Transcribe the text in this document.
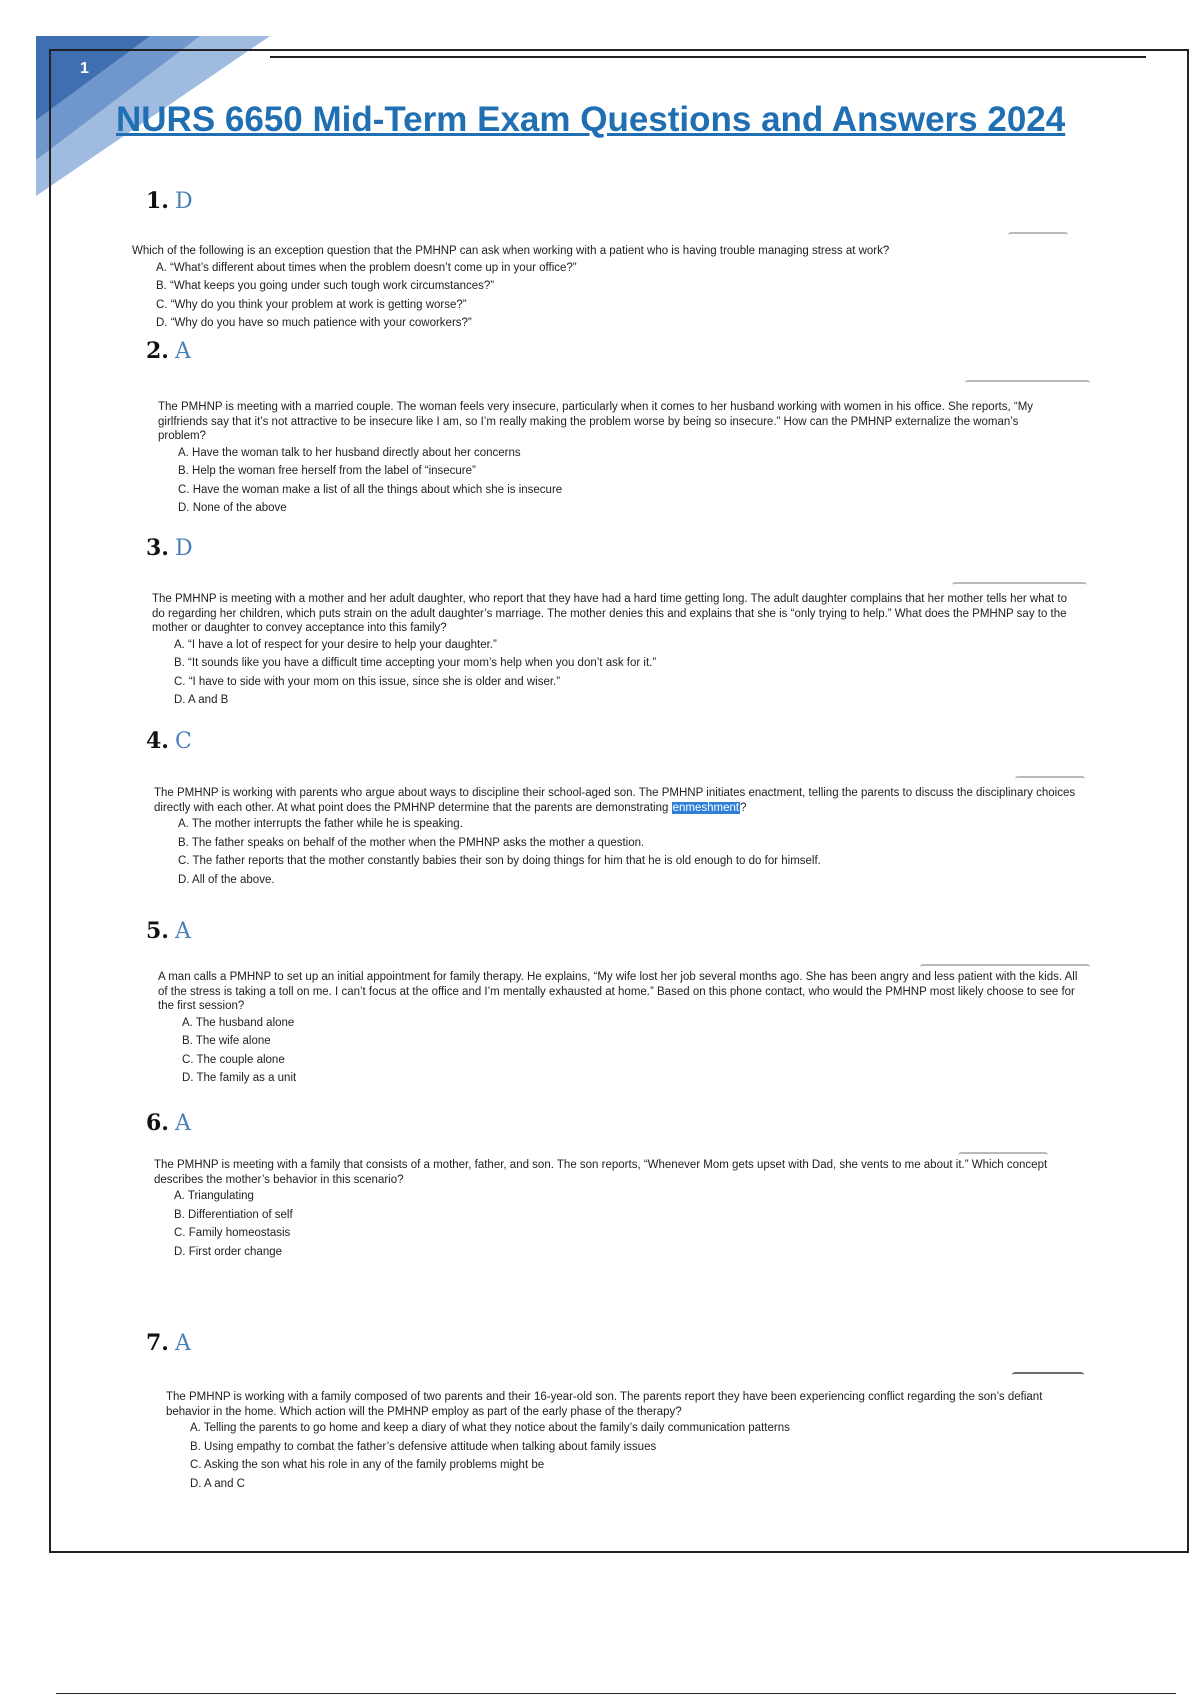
1
NURS 6650 Mid-Term Exam Questions and Answers 2024
1. D

Which of the following is an exception question that the PMHNP can ask when working with a patient who is having trouble managing stress at work?

A. “What’s different about times when the problem doesn’t come up in your office?”
B. “What keeps you going under such tough work circumstances?”
C. “Why do you think your problem at work is getting worse?”
D. “Why do you have so much patience with your coworkers?”
2. A

The PMHNP is meeting with a married couple. The woman feels very insecure, particularly when it comes to her husband working with women in his office. She reports, “My girlfriends say that it’s not attractive to be insecure like I am, so I’m really making the problem worse by being so insecure.” How can the PMHNP externalize the woman’s problem?

A. Have the woman talk to her husband directly about her concerns
B. Help the woman free herself from the label of “insecure”
C. Have the woman make a list of all the things about which she is insecure
D. None of the above
3. D

The PMHNP is meeting with a mother and her adult daughter, who report that they have had a hard time getting long. The adult daughter complains that her mother tells her what to do regarding her children, which puts strain on the adult daughter’s marriage. The mother denies this and explains that she is “only trying to help.” What does the PMHNP say to the mother or daughter to convey acceptance into this family?

A. “I have a lot of respect for your desire to help your daughter.”
B. “It sounds like you have a difficult time accepting your mom’s help when you don’t ask for it.”
C. “I have to side with your mom on this issue, since she is older and wiser.”
D. A and B
4. C

The PMHNP is working with parents who argue about ways to discipline their school-aged son. The PMHNP initiates enactment, telling the parents to discuss the disciplinary choices directly with each other. At what point does the PMHNP determine that the parents are demonstrating enmeshment?

A. The mother interrupts the father while he is speaking.
B. The father speaks on behalf of the mother when the PMHNP asks the mother a question.
C. The father reports that the mother constantly babies their son by doing things for him that he is old enough to do for himself.
D. All of the above.
5. A

A man calls a PMHNP to set up an initial appointment for family therapy. He explains, “My wife lost her job several months ago. She has been angry and less patient with the kids. All of the stress is taking a toll on me. I can’t focus at the office and I’m mentally exhausted at home.” Based on this phone contact, who would the PMHNP most likely choose to see for the first session?

A. The husband alone
B. The wife alone
C. The couple alone
D. The family as a unit
6. A

The PMHNP is meeting with a family that consists of a mother, father, and son. The son reports, “Whenever Mom gets upset with Dad, she vents to me about it.” Which concept describes the mother’s behavior in this scenario?

A. Triangulating
B. Differentiation of self
C. Family homeostasis
D. First order change
7. A

The PMHNP is working with a family composed of two parents and their 16-year-old son. The parents report they have been experiencing conflict regarding the son’s defiant behavior in the home. Which action will the PMHNP employ as part of the early phase of the therapy?

A. Telling the parents to go home and keep a diary of what they notice about the family’s daily communication patterns
B. Using empathy to combat the father’s defensive attitude when talking about family issues
C. Asking the son what his role in any of the family problems might be
D. A and C
